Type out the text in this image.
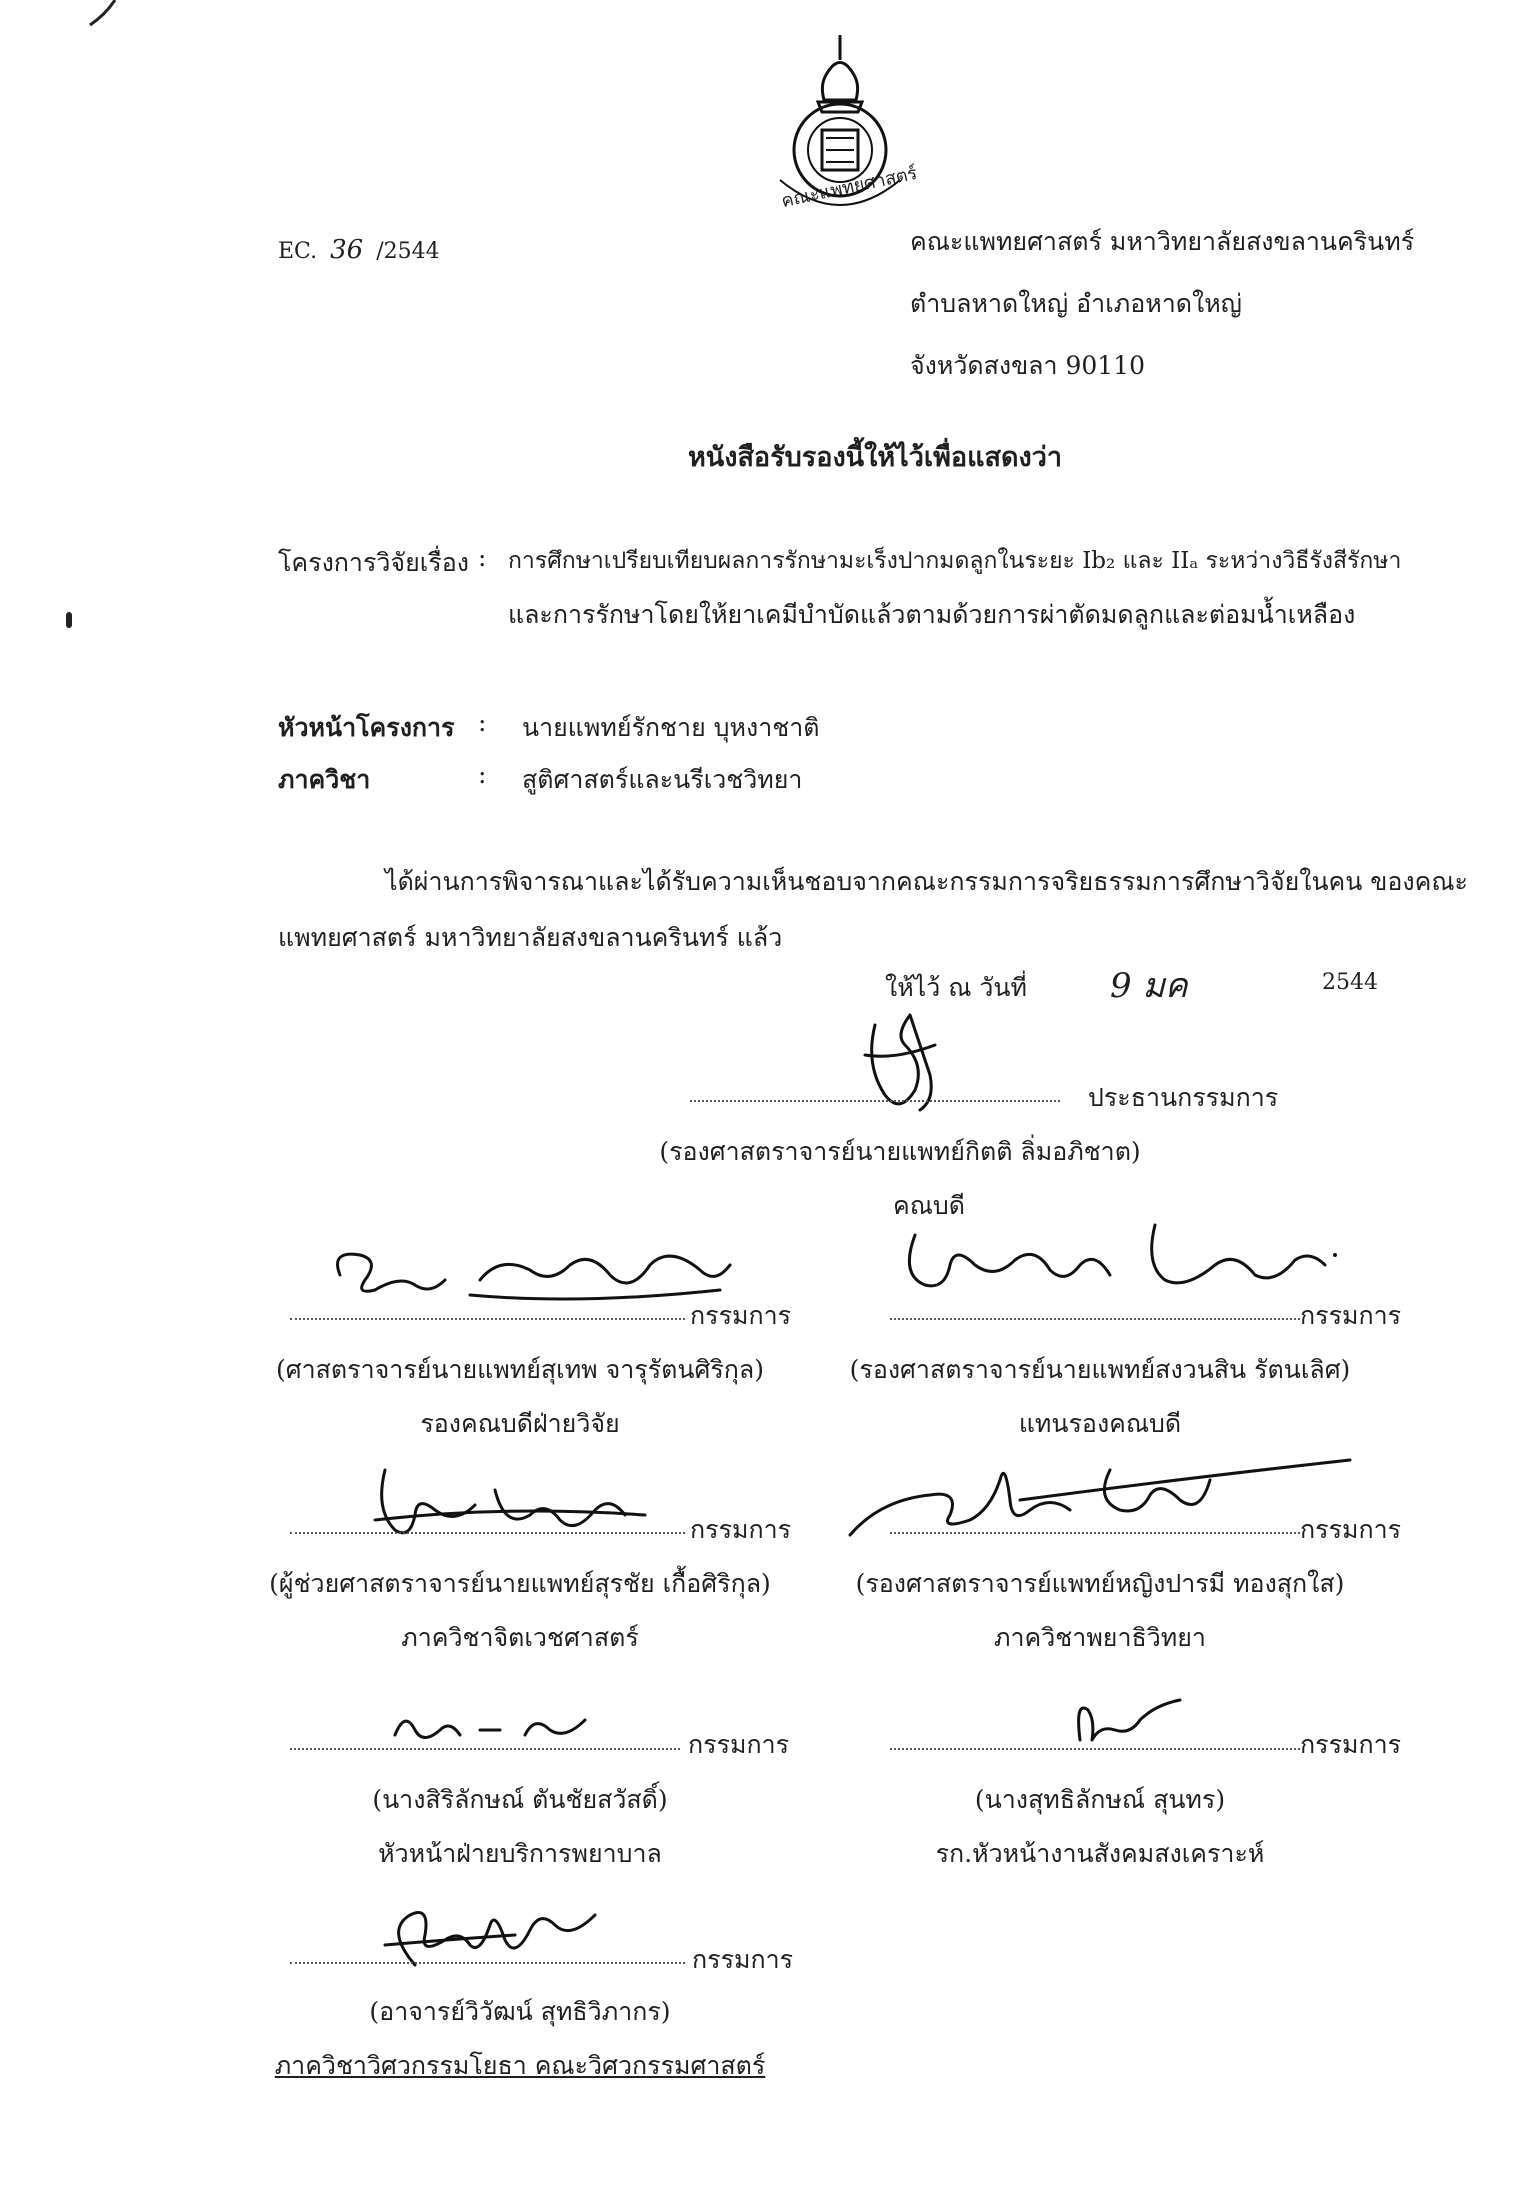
คณะแพทยศาสตร์
EC. 36 /2544	คณะแพทยศาสตร์ มหาวิทยาลัยสงขลานครินทร์
ตำบลหาดใหญ่ อำเภอหาดใหญ่
จังหวัดสงขลา 90110
หนังสือรับรองนี้ให้ไว้เพื่อแสดงว่า
โครงการวิจัยเรื่อง : การศึกษาเปรียบเทียบผลการรักษามะเร็งปากมดลูกในระยะ Ib₂ และ IIₐ ระหว่างวิธีรังสีรักษา
และการรักษาโดยให้ยาเคมีบำบัดแล้วตามด้วยการผ่าตัดมดลูกและต่อมน้ำเหลือง
หัวหน้าโครงการ : นายแพทย์รักชาย บุหงาชาติ
ภาควิชา	: สูติศาสตร์และนรีเวชวิทยา
ได้ผ่านการพิจารณาและได้รับความเห็นชอบจากคณะกรรมการจริยธรรมการศึกษาวิจัยในคน ของคณะ
แพทยศาสตร์ มหาวิทยาลัยสงขลานครินทร์ แล้ว
ให้ไว้ ณ วันที่ 9 มค	2544
ประธานกรรมการ
(รองศาสตราจารย์นายแพทย์กิตติ ลิ่มอภิชาต)
คณบดี
กรรมการ
(ศาสตราจารย์นายแพทย์สุเทพ จารุรัตนศิริกุล)
รองคณบดีฝ่ายวิจัย
กรรมการ
(รองศาสตราจารย์นายแพทย์สงวนสิน รัตนเลิศ)
แทนรองคณบดี
กรรมการ
(ผู้ช่วยศาสตราจารย์นายแพทย์สุรชัย เกื้อศิริกุล)
ภาควิชาจิตเวชศาสตร์
กรรมการ
(รองศาสตราจารย์แพทย์หญิงปารมี ทองสุกใส)
ภาควิชาพยาธิวิทยา
กรรมการ
(นางสิริลักษณ์ ตันชัยสวัสดิ์)
หัวหน้าฝ่ายบริการพยาบาล
กรรมการ
(นางสุทธิลักษณ์ สุนทร)
รก.หัวหน้างานสังคมสงเคราะห์
กรรมการ
(อาจารย์วิวัฒน์ สุทธิวิภากร)
ภาควิชาวิศวกรรมโยธา คณะวิศวกรรมศาสตร์
